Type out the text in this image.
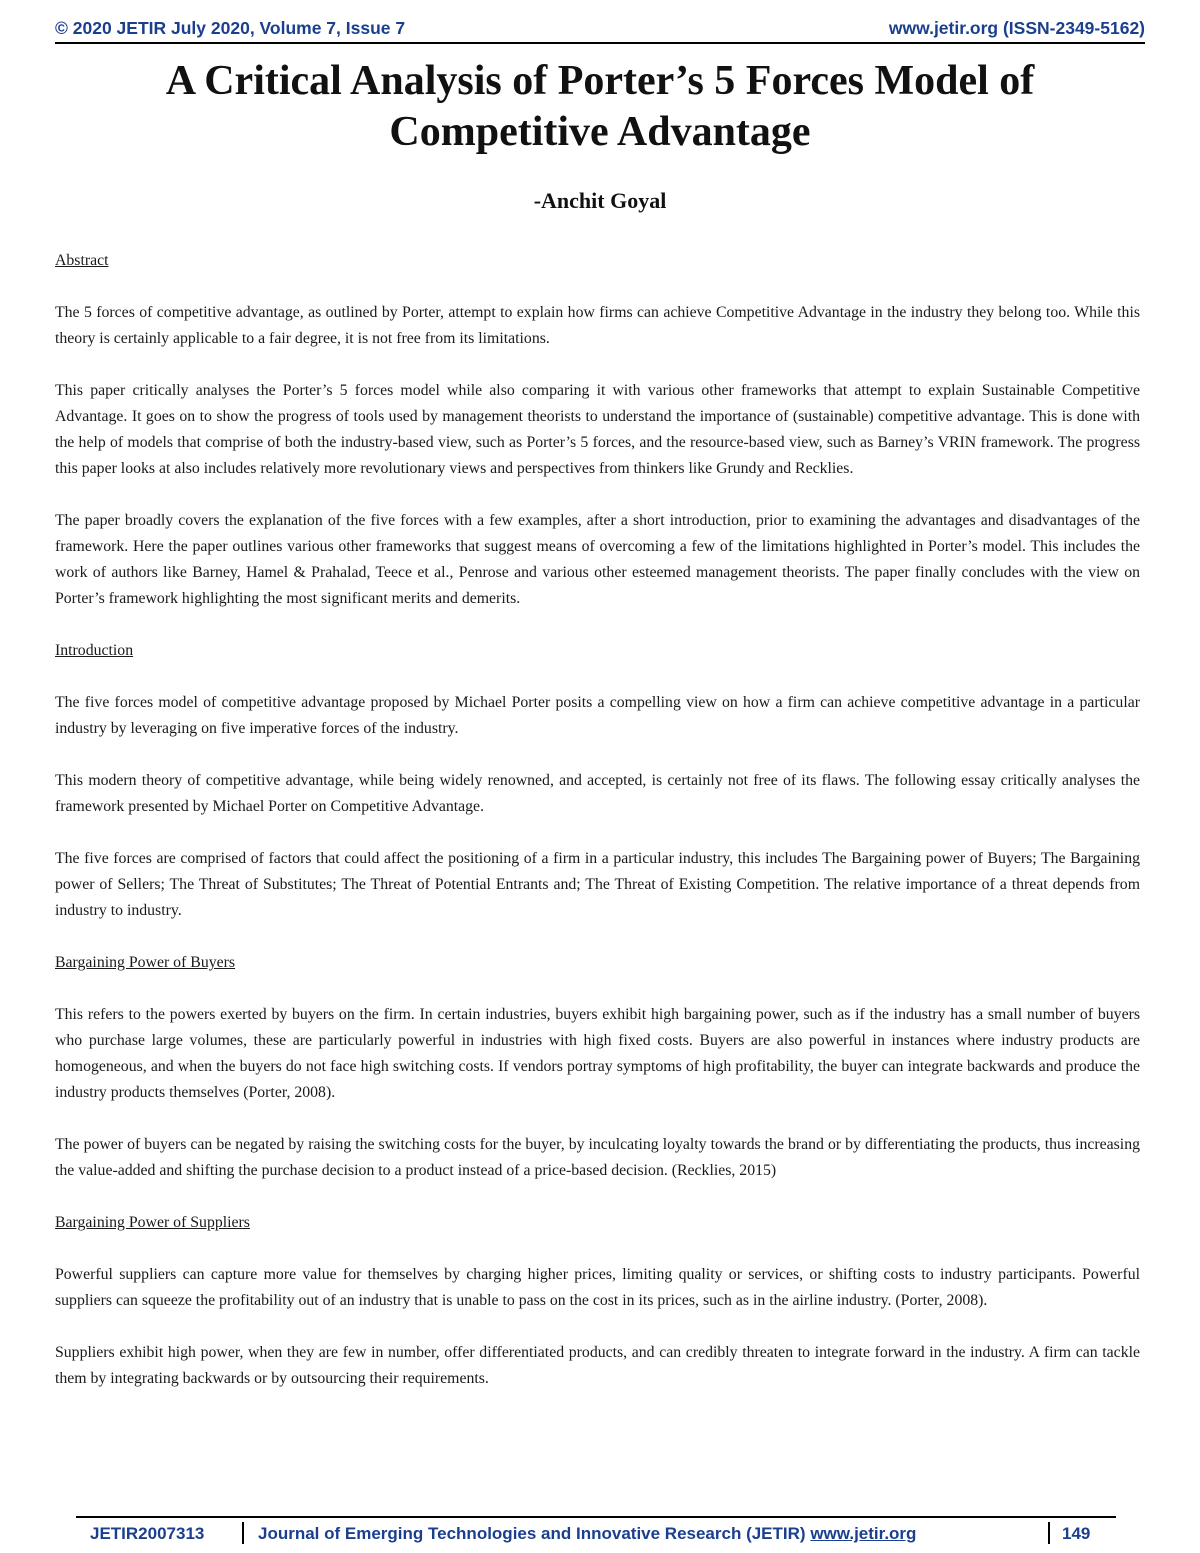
© 2020 JETIR July 2020, Volume 7, Issue 7	www.jetir.org (ISSN-2349-5162)
A Critical Analysis of Porter’s 5 Forces Model of Competitive Advantage
-Anchit Goyal
Abstract

The 5 forces of competitive advantage, as outlined by Porter, attempt to explain how firms can achieve Competitive Advantage in the industry they belong too. While this theory is certainly applicable to a fair degree, it is not free from its limitations.

This paper critically analyses the Porter’s 5 forces model while also comparing it with various other frameworks that attempt to explain Sustainable Competitive Advantage. It goes on to show the progress of tools used by management theorists to understand the importance of (sustainable) competitive advantage. This is done with the help of models that comprise of both the industry-based view, such as Porter’s 5 forces, and the resource-based view, such as Barney’s VRIN framework. The progress this paper looks at also includes relatively more revolutionary views and perspectives from thinkers like Grundy and Recklies.

The paper broadly covers the explanation of the five forces with a few examples, after a short introduction, prior to examining the advantages and disadvantages of the framework. Here the paper outlines various other frameworks that suggest means of overcoming a few of the limitations highlighted in Porter’s model. This includes the work of authors like Barney, Hamel & Prahalad, Teece et al., Penrose and various other esteemed management theorists. The paper finally concludes with the view on Porter’s framework highlighting the most significant merits and demerits.

Introduction

The five forces model of competitive advantage proposed by Michael Porter posits a compelling view on how a firm can achieve competitive advantage in a particular industry by leveraging on five imperative forces of the industry.

This modern theory of competitive advantage, while being widely renowned, and accepted, is certainly not free of its flaws. The following essay critically analyses the framework presented by Michael Porter on Competitive Advantage.

The five forces are comprised of factors that could affect the positioning of a firm in a particular industry, this includes The Bargaining power of Buyers; The Bargaining power of Sellers; The Threat of Substitutes; The Threat of Potential Entrants and; The Threat of Existing Competition. The relative importance of a threat depends from industry to industry.

Bargaining Power of Buyers

This refers to the powers exerted by buyers on the firm. In certain industries, buyers exhibit high bargaining power, such as if the industry has a small number of buyers who purchase large volumes, these are particularly powerful in industries with high fixed costs. Buyers are also powerful in instances where industry products are homogeneous, and when the buyers do not face high switching costs. If vendors portray symptoms of high profitability, the buyer can integrate backwards and produce the industry products themselves (Porter, 2008).

The power of buyers can be negated by raising the switching costs for the buyer, by inculcating loyalty towards the brand or by differentiating the products, thus increasing the value-added and shifting the purchase decision to a product instead of a price-based decision. (Recklies, 2015)

Bargaining Power of Suppliers

Powerful suppliers can capture more value for themselves by charging higher prices, limiting quality or services, or shifting costs to industry participants. Powerful suppliers can squeeze the profitability out of an industry that is unable to pass on the cost in its prices, such as in the airline industry. (Porter, 2008).

Suppliers exhibit high power, when they are few in number, offer differentiated products, and can credibly threaten to integrate forward in the industry. A firm can tackle them by integrating backwards or by outsourcing their requirements.

JETIR2007313	Journal of Emerging Technologies and Innovative Research (JETIR) www.jetir.org	149
